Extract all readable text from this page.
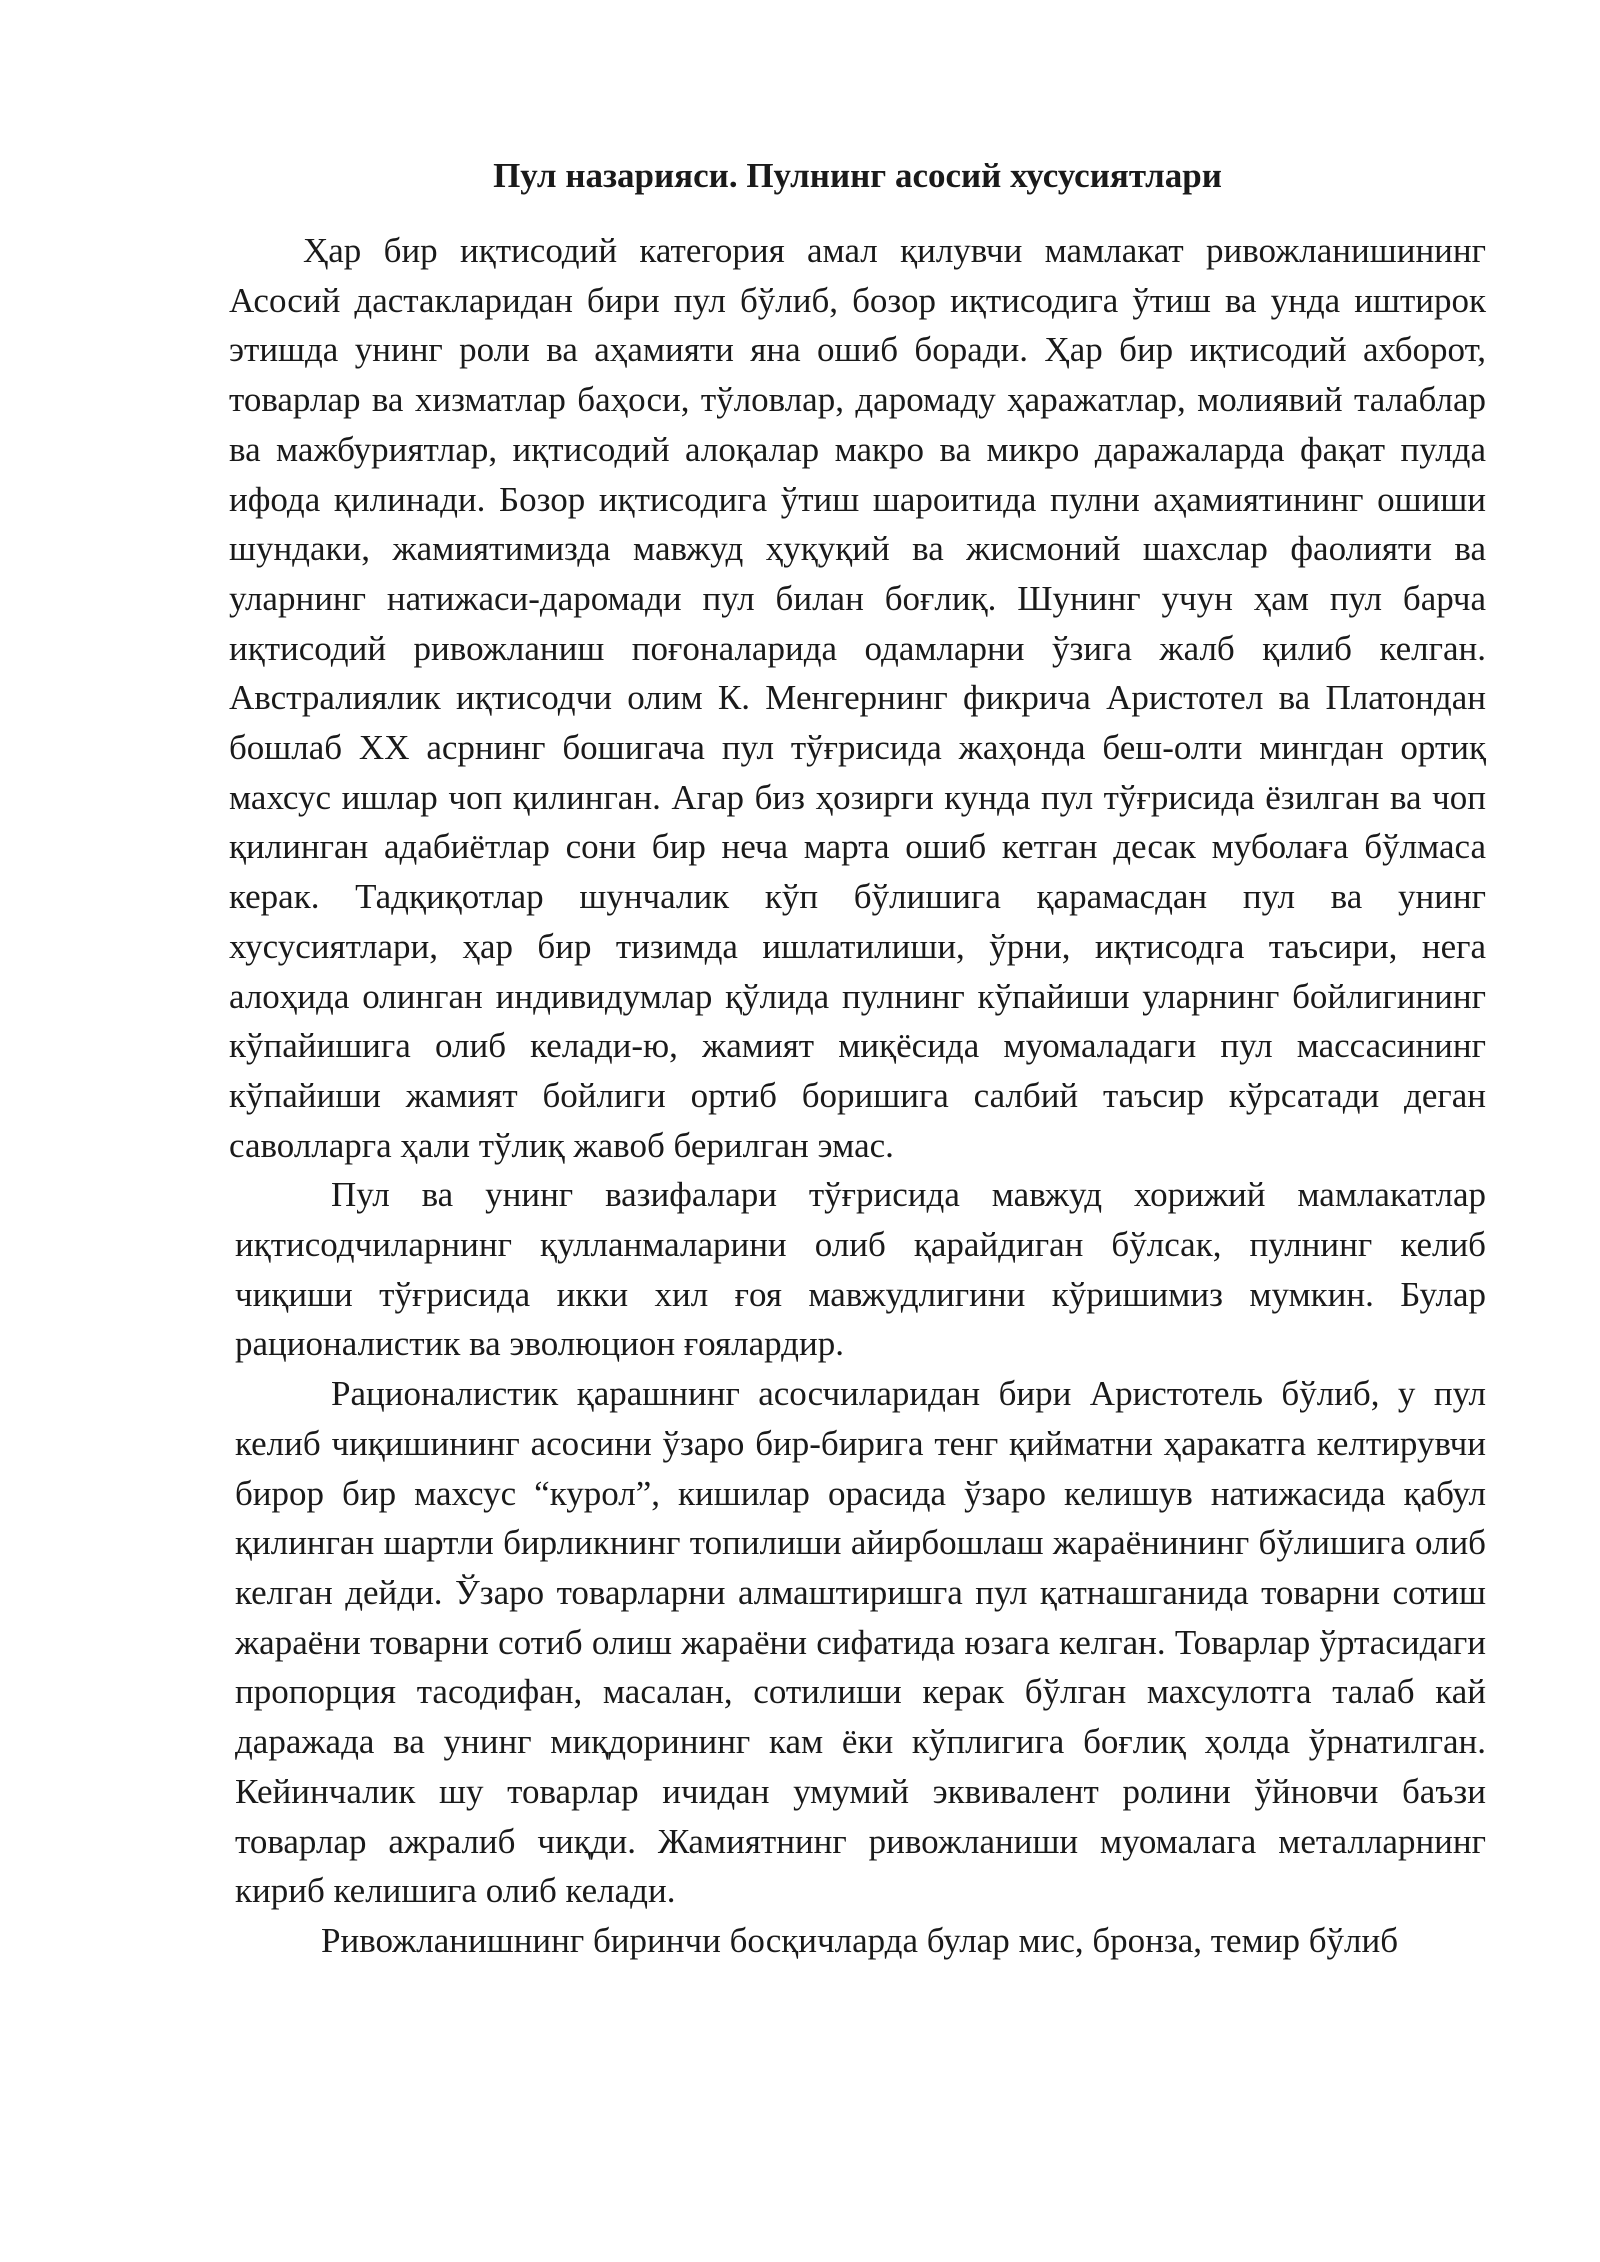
Пул назарияси. Пулнинг асосий хусусиятлари

Ҳар бир иқтисодий категория амал қилувчи мамлакат ривожланишининг Асосий дастакларидан бири пул бўлиб, бозор иқтисодига ўтиш ва унда иштирок этишда унинг роли ва аҳамияти яна ошиб боради. Ҳар бир иқтисодий ахборот, товарлар ва хизматлар баҳоси, тўловлар, даромаду ҳаражатлар, молиявий талаблар ва мажбуриятлар, иқтисодий алоқалар макро ва микро даражаларда фақат пулда ифода қилинади. Бозор иқтисодига ўтиш шароитида пулни аҳамиятининг ошиши шундаки, жамиятимизда мавжуд ҳуқуқий ва жисмоний шахслар фаолияти ва уларнинг натижаси-даромади пул билан боғлиқ. Шунинг учун ҳам пул барча иқтисодий ривожланиш поғоналарида одамларни ўзига жалб қилиб келган. Австралиялик иқтисодчи олим К. Менгернинг фикрича Аристотел ва Платондан бошлаб XX асрнинг бошигача пул тўғрисида жаҳонда беш-олти мингдан ортиқ махсус ишлар чоп қилинган. Агар биз ҳозирги кунда пул тўғрисида ёзилган ва чоп қилинган адабиётлар сони бир неча марта ошиб кетган десак муболаға бўлмаса керак. Тадқиқотлар шунчалик кўп бўлишига қарамасдан пул ва унинг хусусиятлари, ҳар бир тизимда ишлатилиши, ўрни, иқтисодга таъсири, нега алоҳида олинган индивидумлар қўлида пулнинг кўпайиши уларнинг бойлигининг кўпайишига олиб келади-ю, жамият миқёсида муомаладаги пул массасининг кўпайиши жамият бойлиги ортиб боришига салбий таъсир кўрсатади деган саволларга ҳали тўлиқ жавоб берилган эмас.

Пул ва унинг вазифалари тўғрисида мавжуд хорижий мамлакатлар иқтисодчиларнинг қулланмаларини олиб қарайдиган бўлсак, пулнинг келиб чиқиши тўғрисида икки хил ғоя мавжудлигини кўришимиз мумкин. Булар рационалистик ва эволюцион ғоялардир.

Рационалистик қарашнинг асосчиларидан бири Аристотель бўлиб, у пул келиб чиқишининг асосини ўзаро бир-бирига тенг қийматни ҳаракатга келтирувчи бирор бир махсус “курол”, кишилар орасида ўзаро келишув натижасида қабул қилинган шартли бирликнинг топилиши айирбошлаш жараёнининг бўлишига олиб келган дейди. Ўзаро товарларни алмаштиришга пул қатнашганида товарни сотиш жараёни товарни сотиб олиш жараёни сифатида юзага келган. Товарлар ўртасидаги пропорция тасодифан, масалан, сотилиши керак бўлган махсулотга талаб кай даражада ва унинг миқдорининг кам ёки кўплигига боғлиқ ҳолда ўрнатилган. Кейинчалик шу товарлар ичидан умумий эквивалент ролини ўйновчи баъзи товарлар ажралиб чиқди. Жамиятнинг ривожланиши муомалага металларнинг кириб келишига олиб келади.

Ривожланишнинг биринчи босқичларда булар мис, бронза, темир бўлиб
